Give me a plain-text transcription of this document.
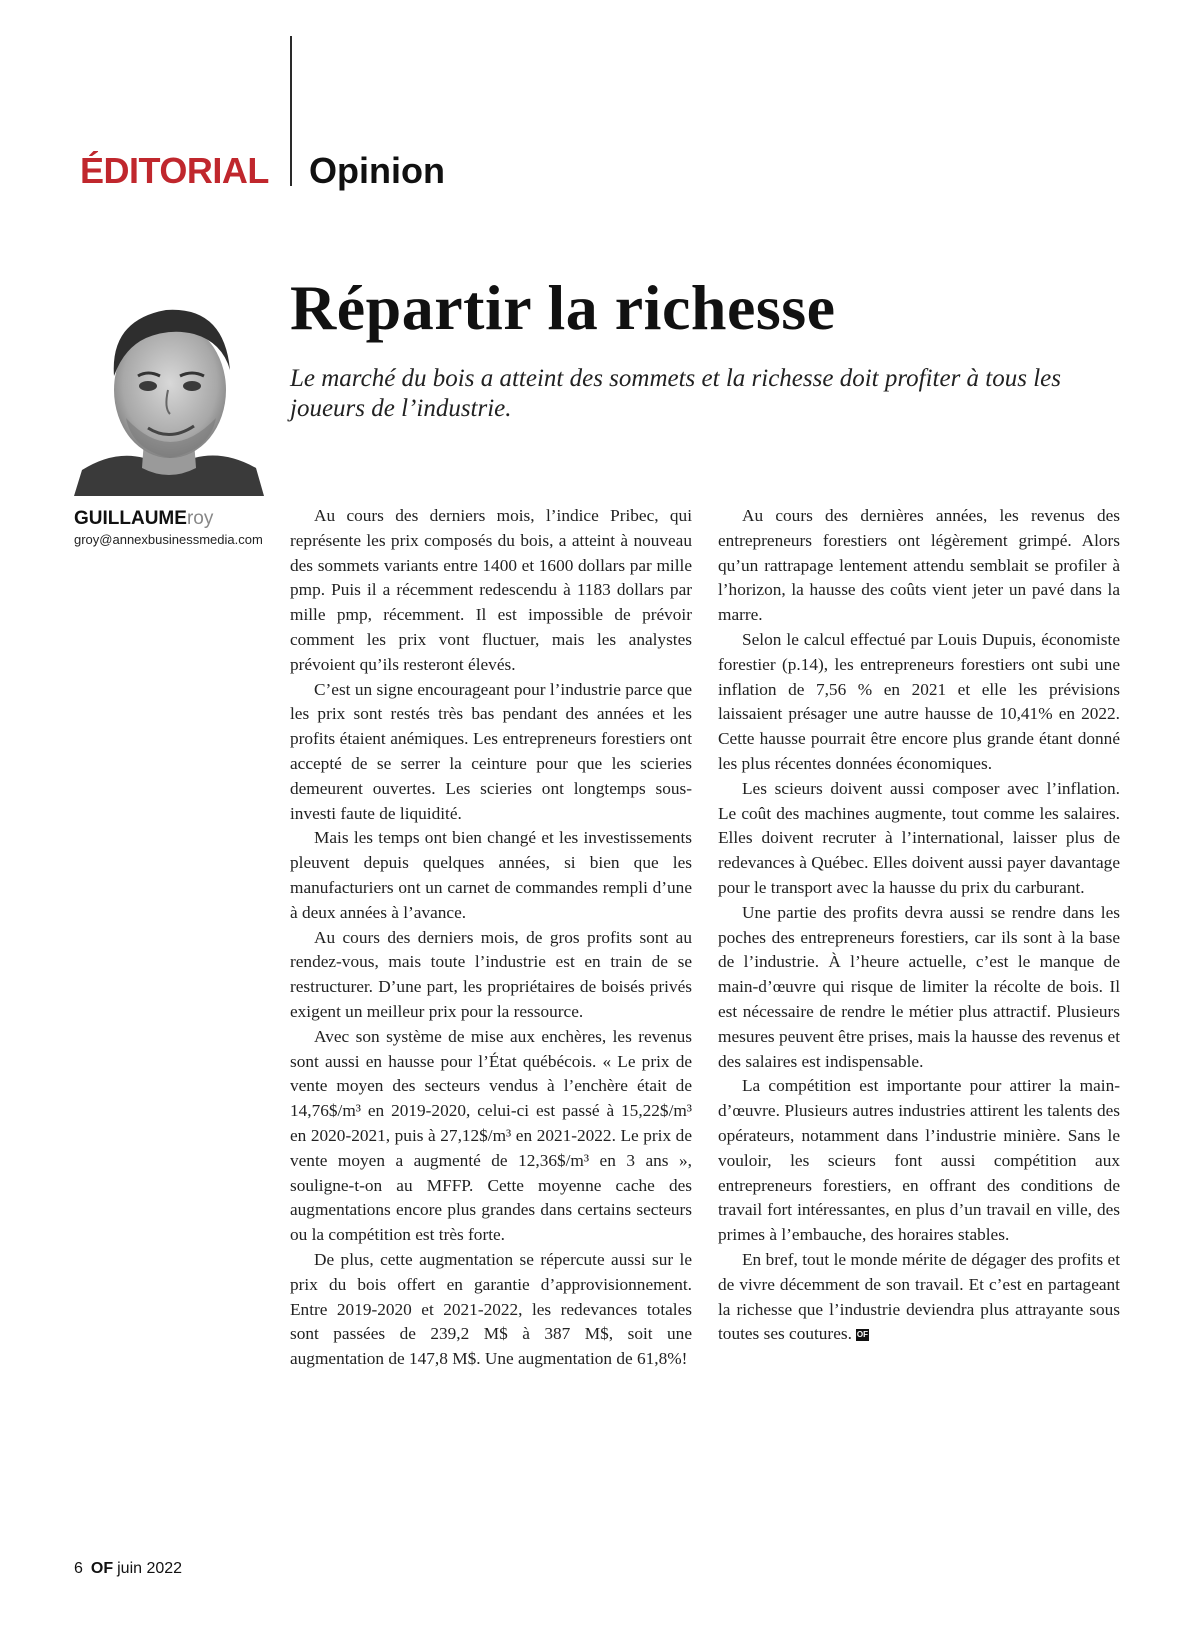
ÉDITORIAL Opinion
Répartir la richesse
Le marché du bois a atteint des sommets et la richesse doit profiter à tous les joueurs de l’industrie.
GUILLAUMEroy
groy@annexbusinessmedia.com

Au cours des derniers mois, l’indice Pribec, qui représente les prix composés du bois, a atteint à nouveau des sommets variants entre 1400 et 1600 dollars par mille pmp. Puis il a récemment redescendu à 1183 dollars par mille pmp, récemment. Il est impossible de prévoir comment les prix vont fluctuer, mais les analystes prévoient qu’ils resteront élevés.

C’est un signe encourageant pour l’industrie parce que les prix sont restés très bas pendant des années et les profits étaient anémiques. Les entrepreneurs forestiers ont accepté de se serrer la ceinture pour que les scieries demeurent ouvertes. Les scieries ont longtemps sous-investi faute de liquidité.

Mais les temps ont bien changé et les investissements pleuvent depuis quelques années, si bien que les manufacturiers ont un carnet de commandes rempli d’une à deux années à l’avance.

Au cours des derniers mois, de gros profits sont au rendez-vous, mais toute l’industrie est en train de se restructurer. D’une part, les propriétaires de boisés privés exigent un meilleur prix pour la ressource.

Avec son système de mise aux enchères, les revenus sont aussi en hausse pour l’État québécois. « Le prix de vente moyen des secteurs vendus à l’enchère était de 14,76$/m³ en 2019-2020, celui-ci est passé à 15,22$/m³ en 2020-2021, puis à 27,12$/m³ en 2021-2022. Le prix de vente moyen a augmenté de 12,36$/m³ en 3 ans », souligne-t-on au MFFP. Cette moyenne cache des augmentations encore plus grandes dans certains secteurs ou la compétition est très forte.

De plus, cette augmentation se répercute aussi sur le prix du bois offert en garantie d’approvisionnement. Entre 2019-2020 et 2021-2022, les redevances totales sont passées de 239,2 M$ à 387 M$, soit une augmentation de 147,8 M$. Une augmentation de 61,8%!

Au cours des dernières années, les revenus des entrepreneurs forestiers ont légèrement grimpé. Alors qu’un rattrapage lentement attendu semblait se profiler à l’horizon, la hausse des coûts vient jeter un pavé dans la marre.

Selon le calcul effectué par Louis Dupuis, économiste forestier (p.14), les entrepreneurs forestiers ont subi une inflation de 7,56 % en 2021 et elle les prévisions laissaient présager une autre hausse de 10,41% en 2022. Cette hausse pourrait être encore plus grande étant donné les plus récentes données économiques.

Les scieurs doivent aussi composer avec l’inflation. Le coût des machines augmente, tout comme les salaires. Elles doivent recruter à l’international, laisser plus de redevances à Québec. Elles doivent aussi payer davantage pour le transport avec la hausse du prix du carburant.

Une partie des profits devra aussi se rendre dans les poches des entrepreneurs forestiers, car ils sont à la base de l’industrie. À l’heure actuelle, c’est le manque de main-d’œuvre qui risque de limiter la récolte de bois. Il est nécessaire de rendre le métier plus attractif. Plusieurs mesures peuvent être prises, mais la hausse des revenus et des salaires est indispensable.

La compétition est importante pour attirer la main-d’œuvre. Plusieurs autres industries attirent les talents des opérateurs, notamment dans l’industrie minière. Sans le vouloir, les scieurs font aussi compétition aux entrepreneurs forestiers, en offrant des conditions de travail fort intéressantes, en plus d’un travail en ville, des primes à l’embauche, des horaires stables.

En bref, tout le monde mérite de dégager des profits et de vivre décemment de son travail. Et c’est en partageant la richesse que l’industrie deviendra plus attrayante sous toutes ses coutures. OF

6 OF juin 2022
